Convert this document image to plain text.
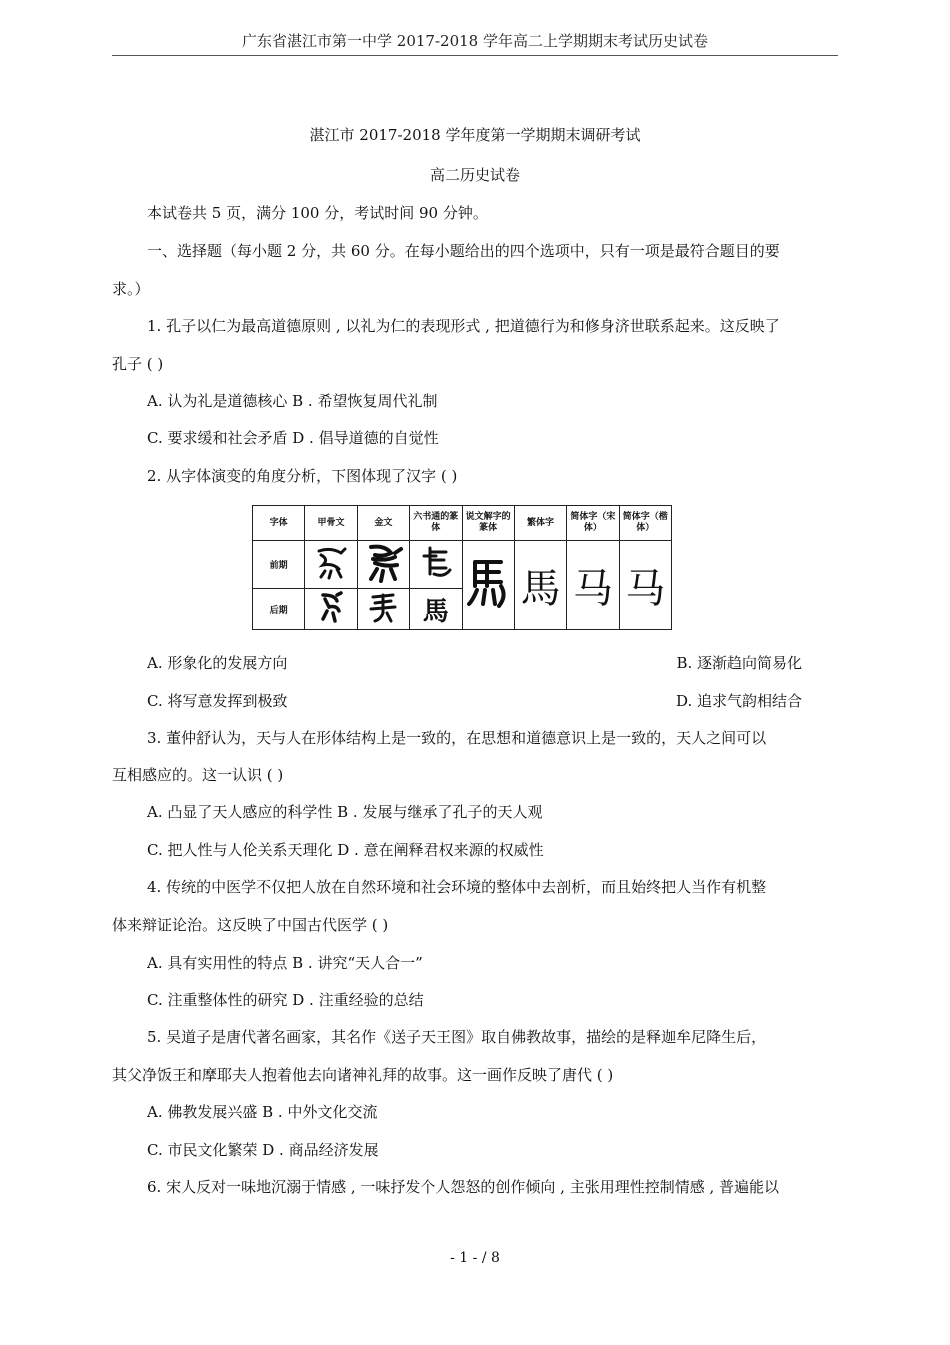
广东省湛江市第一中学 2017-2018 学年高二上学期期末考试历史试卷
湛江市 2017-2018 学年度第一学期期末调研考试
高二历史试卷
本试卷共 5 页，满分 100 分，考试时间 90 分钟。
一、选择题（每小题 2 分，共 60 分。在每小题给出的四个选项中，只有一项是最符合题目的要
求。）
1. 孔子以仁为最高道德原则 , 以礼为仁的表现形式 , 把道德行为和修身济世联系起来。这反映了
孔子 ( )
A. 认为礼是道德核心 B . 希望恢复周代礼制
C. 要求缓和社会矛盾 D . 倡导道德的自觉性
2. 从字体演变的角度分析，下图体现了汉字 ( )
字体	甲骨文	金文	六书通的篆体	说文解字的篆体	繁体字	简体字（宋体）	简体字（楷体）
前期					馬	马	马
后期			馬				
A. 形象化的发展方向	B. 逐渐趋向简易化
C. 将写意发挥到极致	D. 追求气韵相结合
3. 董仲舒认为，天与人在形体结构上是一致的，在思想和道德意识上是一致的，天人之间可以
互相感应的。这一认识 ( )
A. 凸显了天人感应的科学性 B . 发展与继承了孔子的天人观
C. 把人性与人伦关系天理化 D . 意在阐释君权来源的权威性
4. 传统的中医学不仅把人放在自然环境和社会环境的整体中去剖析，而且始终把人当作有机整
体来辩证论治。这反映了中国古代医学 ( )
A. 具有实用性的特点 B . 讲究“天人合一”
C. 注重整体性的研究 D . 注重经验的总结
5. 吴道子是唐代著名画家，其名作《送子天王图》取自佛教故事，描绘的是释迦牟尼降生后，
其父净饭王和摩耶夫人抱着他去向诸神礼拜的故事。这一画作反映了唐代 ( )
A. 佛教发展兴盛 B . 中外文化交流
C. 市民文化繁荣 D . 商品经济发展
6. 宋人反对一味地沉溺于情感 , 一味抒发个人怨怒的创作倾向 , 主张用理性控制情感 , 普遍能以
- 1 - / 8
